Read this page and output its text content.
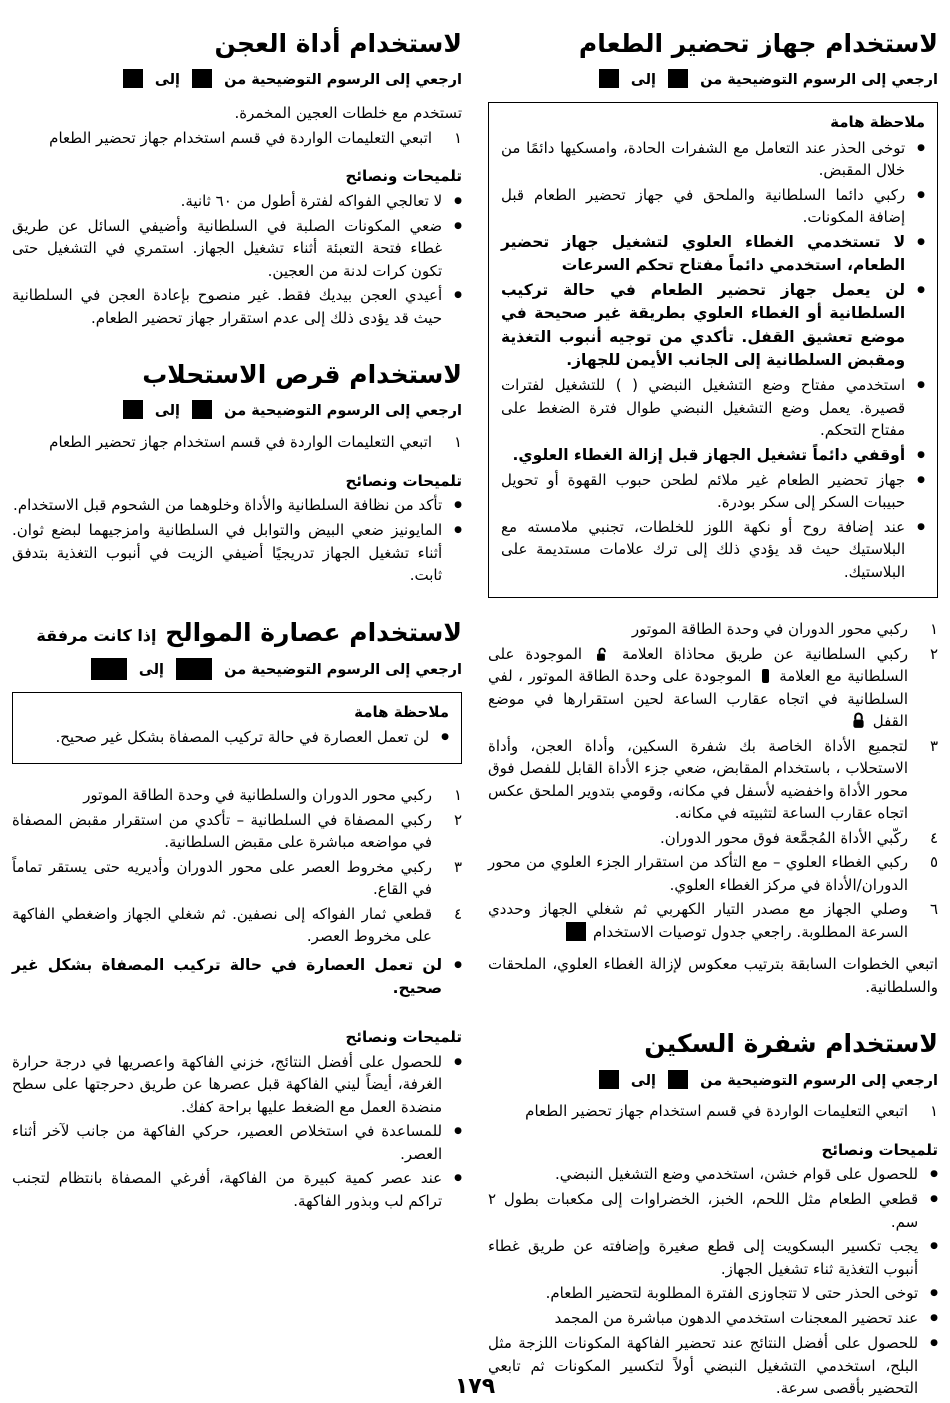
لاستخدام جهاز تحضير الطعام

ارجعي إلى الرسوم التوضيحية من  إلى

ملاحظة هامة
● توخى الحذر عند التعامل مع الشفرات الحادة، وامسكيها دائمًا من خلال المقبض.
● ركبي دائما السلطانية والملحق في جهاز تحضير الطعام قبل إضافة المكونات.
● لا تستخدمي الغطاء العلوي لتشغيل جهاز تحضير الطعام، استخدمي دائماً مفتاح تحكم السرعات
● لن يعمل جهاز تحضير الطعام في حالة تركيب السلطانية أو الغطاء العلوي بطريقة غير صحيحة في موضع تعشيق القفل. تأكدي من توجيه أنبوب التغذية ومقبض السلطانية إلى الجانب الأيمن للجهاز.
● استخدمي مفتاح وضع التشغيل النبضي ( ) للتشغيل لفترات قصيرة. يعمل وضع التشغيل النبضي طوال فترة الضغط على مفتاح التحكم.
● أوقفي دائماً تشغيل الجهاز قبل إزالة الغطاء العلوي.
● جهاز تحضير الطعام غير ملائم لطحن حبوب القهوة أو تحويل حبيبات السكر إلى سكر بودرة.
● عند إضافة روح أو نكهة اللوز للخلطات، تجنبي ملامسته مع البلاستيك حيث قد يؤدي ذلك إلى ترك علامات مستديمة على البلاستيك.
١
ركبي محور الدوران في وحدة الطاقة الموتور
٢
ركبي السلطانية عن طريق محاذاة العلامة  الموجودة على السلطانية مع العلامة  الموجودة على وحدة الطاقة الموتور ، لفي السلطانية في اتجاه عقارب الساعة لحين استقرارها في موضع القفل
٣
لتجميع الأداة الخاصة بك شفرة السكين، وأداة العجن، وأداة الاستحلاب ، باستخدام المقابض، ضعي جزء الأداة القابل للفصل فوق محور الأداة واخفضيه لأسفل في مكانه، وقومي بتدوير الملحق عكس اتجاه عقارب الساعة لتثبيته في مكانه.
٤
ركّبي الأداة المُجمَّعة فوق محور الدوران.
٥
ركبي الغطاء العلوي – مع التأكد من استقرار الجزء العلوي من محور الدوران/الأداة في مركز الغطاء العلوي.
٦
وصلي الجهاز مع مصدر التيار الكهربي ثم شغلي الجهاز وحددي السرعة المطلوبة. راجعي جدول توصيات الاستخدام

اتبعي الخطوات السابقة بترتيب معكوس لإزالة الغطاء العلوي، الملحقات والسلطانية.

لاستخدام شفرة السكين

ارجعي إلى الرسوم التوضيحية من  إلى

١
اتبعي التعليمات الواردة في قسم استخدام جهاز تحضير الطعام
تلميحات ونصائح
● للحصول على قوام خشن، استخدمي وضع التشغيل النبضي.
● قطعي الطعام مثل اللحم، الخبز، الخضراوات إلى مكعبات بطول ٢ سم.
● يجب تكسير البسكويت إلى قطع صغيرة وإضافته عن طريق غطاء أنبوب التغذية ثناء تشغيل الجهاز.
● توخى الحذر حتى لا تتجاوزى الفترة المطلوبة لتحضير الطعام.
● عند تحضير المعجنات استخدمي الدهون مباشرة من المجمد
● للحصول على أفضل النتائج عند تحضير الفاكهة المكونات اللزجة مثل البلح، استخدمي التشغيل النبضي أولاً لتكسير المكونات ثم تابعي التحضير بأقصى سرعة.
لاستخدام أداة العجن

ارجعي إلى الرسوم التوضيحية من  إلى

تستخدم مع خلطات العجين المخمرة.

١
اتبعي التعليمات الواردة في قسم استخدام جهاز تحضير الطعام
تلميحات ونصائح
● لا تعالجي الفواكه لفترة أطول من ٦٠ ثانية.
● ضعي المكونات الصلبة في السلطانية وأضيفي السائل عن طريق غطاء فتحة التعبئة أثناء تشغيل الجهاز. استمري في التشغيل حتى تكون كرات لدنة من العجين.
● أعيدي العجن بيديك فقط. غير منصوح بإعادة العجن في السلطانية حيث قد يؤدى ذلك إلى عدم استقرار جهاز تحضير الطعام.
لاستخدام قرص الاستحلاب

ارجعي إلى الرسوم التوضيحية من  إلى

١
اتبعي التعليمات الواردة في قسم استخدام جهاز تحضير الطعام
تلميحات ونصائح
● تأكد من نظافة السلطانية والأداة وخلوهما من الشحوم قبل الاستخدام.
● المايونيز ضعي البيض والتوابل في السلطانية وامزجيهما لبضع ثوان. أثناء تشغيل الجهاز تدريجيًا أضيفي الزيت في أنبوب التغذية بتدفق ثابت.
لاستخدام عصارة الموالح إذا كانت مرفقة

ارجعي إلى الرسوم التوضيحية من  إلى

ملاحظة هامة
● لن تعمل العصارة في حالة تركيب المصفاة بشكل غير صحيح.
١
ركبي محور الدوران والسلطانية في وحدة الطاقة الموتور
٢
ركبي المصفاة في السلطانية – تأكدي من استقرار مقبض المصفاة في مواضعه مباشرة على مقبض السلطانية.
٣
ركبي مخروط العصر على محور الدوران وأديريه حتى يستقر تماماً في القاع.
٤
قطعي ثمار الفواكه إلى نصفين. ثم شغلي الجهاز واضغطي الفاكهة على مخروط العصر.
● لن تعمل العصارة في حالة تركيب المصفاة بشكل غير صحيح.
تلميحات ونصائح
● للحصول على أفضل النتائج، خزني الفاكهة واعصريها في درجة حرارة الغرفة، أيضاً ليني الفاكهة قبل عصرها عن طريق دحرجتها على سطح منضدة العمل مع الضغط عليها براحة كفك.
● للمساعدة في استخلاص العصير، حركي الفاكهة من جانب لآخر أثناء العصر.
● عند عصر كمية كبيرة من الفاكهة، أفرغي المصفاة بانتظام لتجنب تراكم لب وبذور الفاكهة.
١٧٩
